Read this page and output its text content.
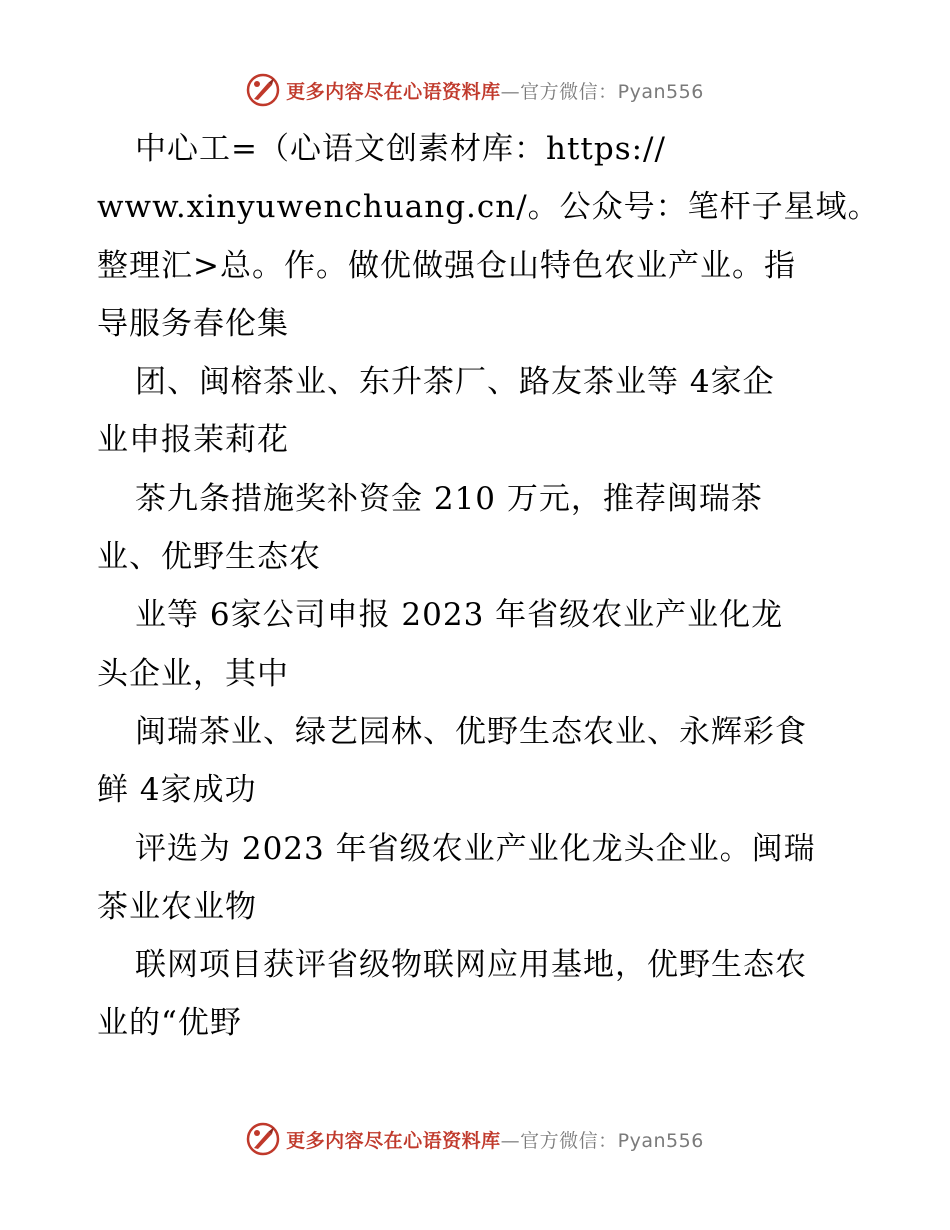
更多内容尽在心语资料库—官方微信：Pyan556
中心工=（心语文创素材库：https://
www.xinyuwenchuang.cn/。公众号：笔杆子星域。
整理汇>总。作。做优做强仓山特色农业产业。指
导服务春伦集
团、闽榕茶业、东升茶厂、路友茶业等 4家企
业申报茉莉花
茶九条措施奖补资金 210 万元，推荐闽瑞茶
业、优野生态农
业等 6家公司申报 2023 年省级农业产业化龙
头企业，其中
闽瑞茶业、绿艺园林、优野生态农业、永辉彩食
鲜 4家成功
评选为 2023 年省级农业产业化龙头企业。闽瑞
茶业农业物
联网项目获评省级物联网应用基地，优野生态农
业的“优野
更多内容尽在心语资料库—官方微信：Pyan556
